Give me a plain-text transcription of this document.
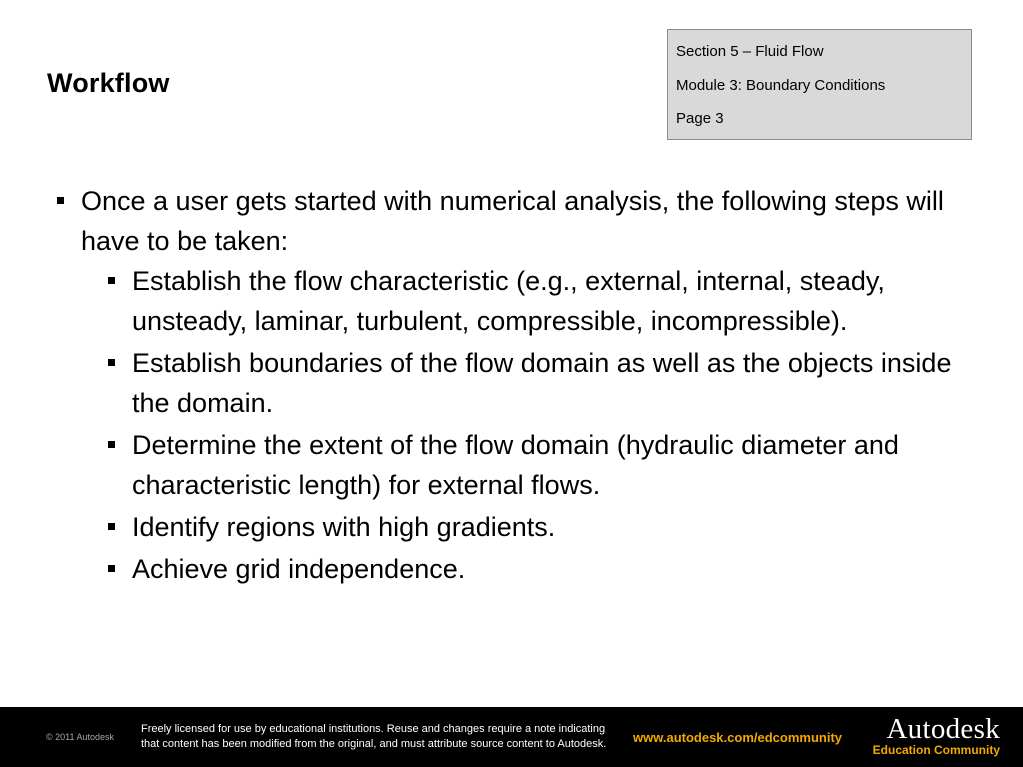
Workflow
Section 5 – Fluid Flow
Module 3: Boundary Conditions
Page 3
Once a user gets started with numerical analysis, the following steps will have to be taken:
Establish the flow characteristic (e.g., external, internal, steady, unsteady, laminar, turbulent, compressible, incompressible).
Establish boundaries of the flow domain as well as the objects inside the domain.
Determine the extent of the flow domain (hydraulic diameter and characteristic length) for external flows.
Identify regions with high gradients.
Achieve grid independence.
© 2011 Autodesk
Freely licensed for use by educational institutions. Reuse and changes require a note indicating
that content has been modified from the original, and must attribute source content to Autodesk.	www.autodesk.com/edcommunity	Autodesk
Education Community
